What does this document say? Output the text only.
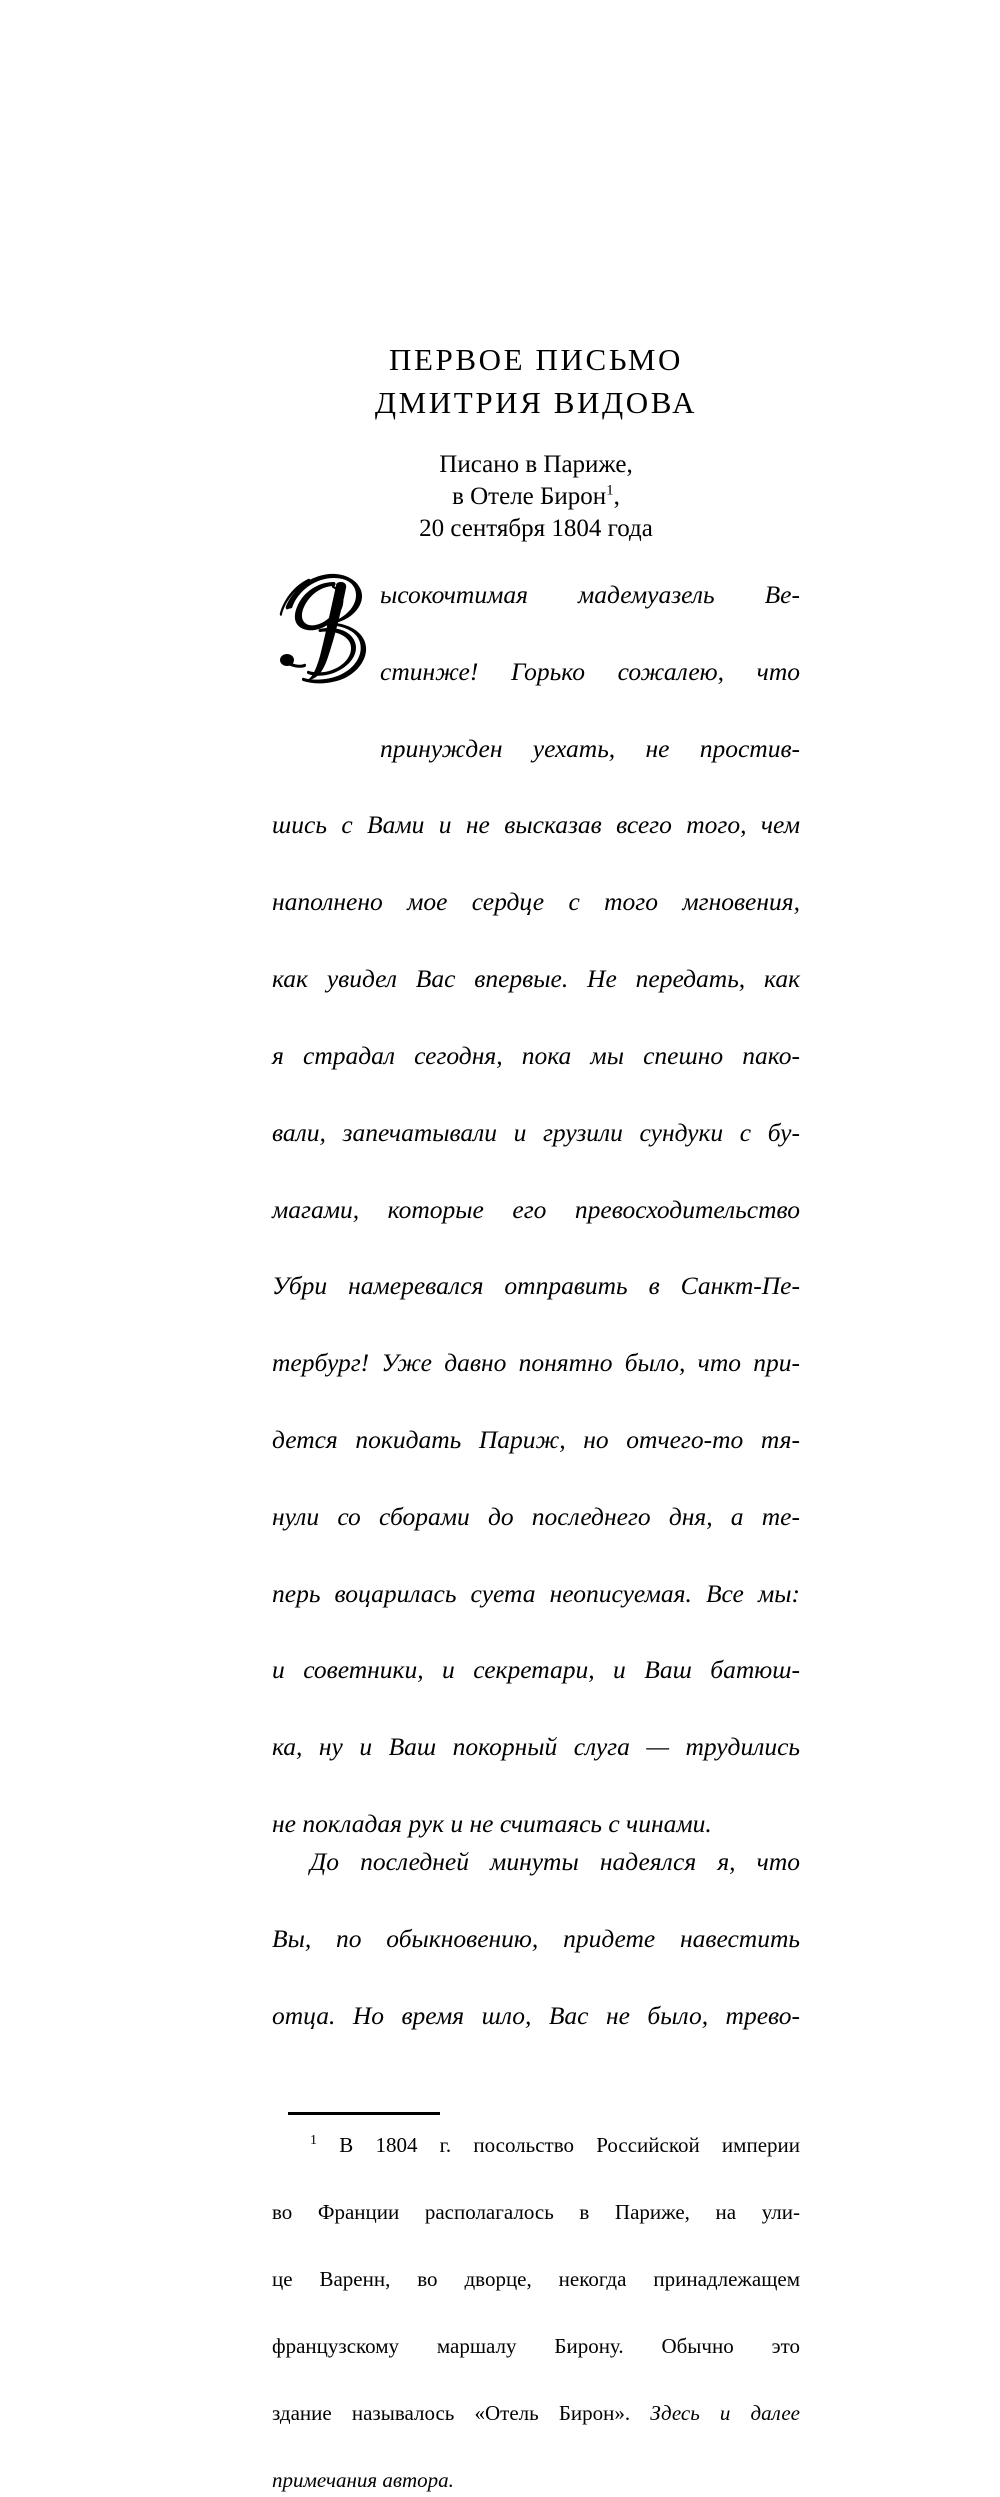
ПЕРВОЕ ПИСЬМО
ДМИТРИЯ ВИДОВА
Писано в Париже,
в Отеле Бирон$^1$,
20 сентября 1804 года
ысокочтимая мадемуазель Ве-
стинже! Горько сожалею, что
принужден уехать, не простив-
шись с Вами и не высказав всего того, чем
наполнено мое сердце с того мгновения,
как увидел Вас впервые. Не передать, как
я страдал сегодня, пока мы спешно пако-
вали, запечатывали и грузили сундуки с бу-
магами, которые его превосходительство
Убри намеревался отправить в Санкт-Пе-
тербург! Уже давно понятно было, что при-
дется покидать Париж, но отчего-то тя-
нули со сборами до последнего дня, а те-
перь воцарилась суета неописуемая. Все мы:
и советники, и секретари, и Ваш батюш-
ка, ну и Ваш покорный слуга — трудились
не покладая рук и не считаясь с чинами.
До последней минуты надеялся я, что
Вы, по обыкновению, придете навестить
отца. Но время шло, Вас не было, трево-
$^1$ В 1804 г. посольство Российской империи
во Франции располагалось в Париже, на ули-
це Варенн, во дворце, некогда принадлежащем
французскому маршалу Бирону. Обычно это
здание называлось «Отель Бирон». Здесь и далее
примечания автора.
